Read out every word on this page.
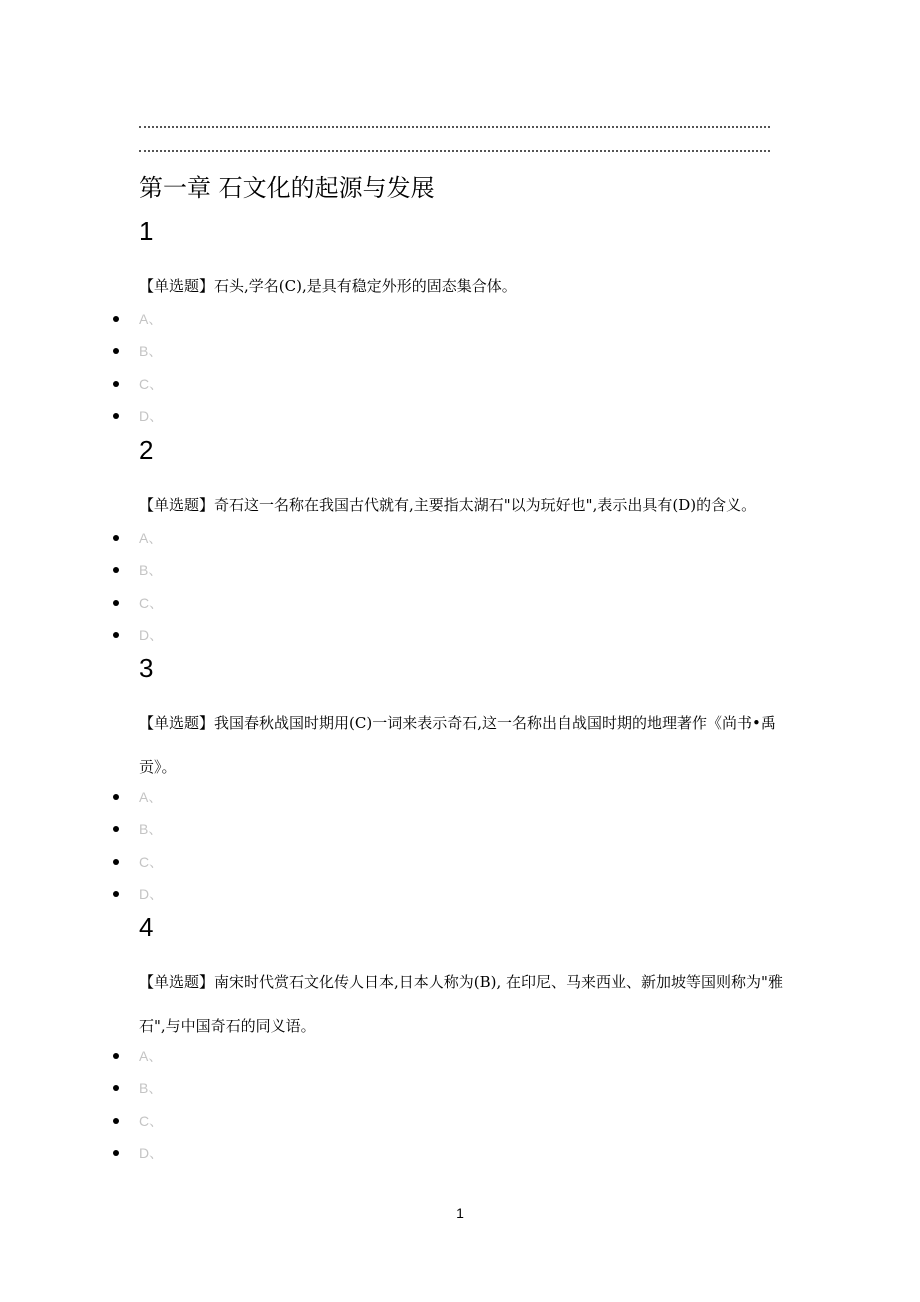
第一章 石文化的起源与发展
1
【单选题】石头,学名(C),是具有稳定外形的固态集合体。
A、
B、
C、
D、
2
【单选题】奇石这一名称在我国古代就有,主要指太湖石"以为玩好也",表示出具有(D)的含义。
A、
B、
C、
D、
3
【单选题】我国春秋战国时期用(C)一词来表示奇石,这一名称出自战国时期的地理著作《尚书•禹贡》。
A、
B、
C、
D、
4
【单选题】南宋时代赏石文化传人日本,日本人称为(B), 在印尼、马来西业、新加坡等国则称为"雅石",与中国奇石的同义语。
A、
B、
C、
D、
1
